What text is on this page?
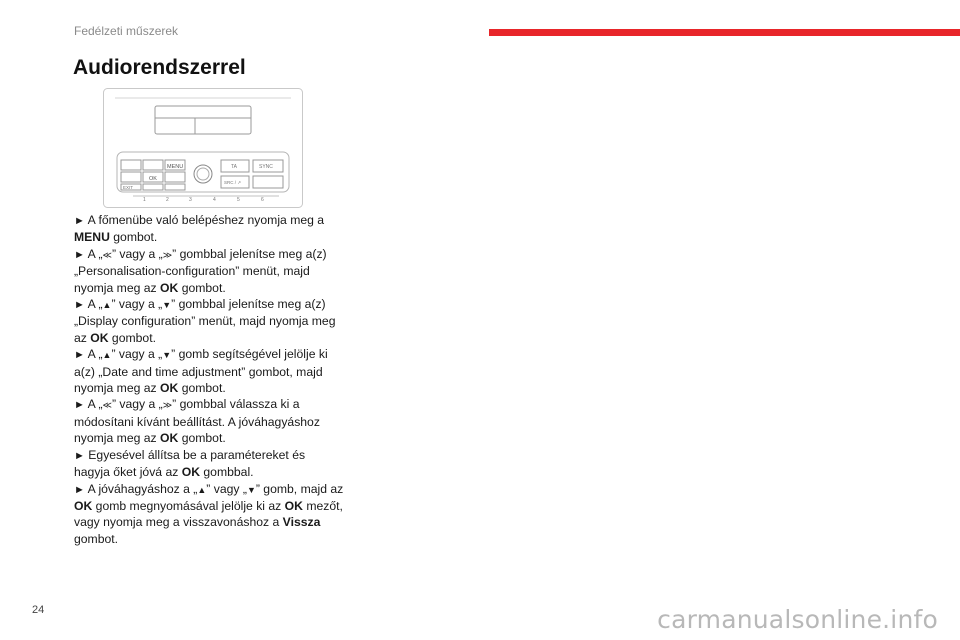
Fedélzeti műszerek
Audiorendszerrel
MENU
OK
EXIT
TA	SYNC
SRC / ↗
1	2	3	4	5	6

► A főmenübe való belépéshez nyomja meg a MENU gombot.

► A „≪” vagy a „≫” gombbal jelenítse meg a(z) „Personalisation-configuration” menüt, majd nyomja meg az OK gombot.

► A „▲” vagy a „▼” gombbal jelenítse meg a(z) „Display configuration” menüt, majd nyomja meg az OK gombot.

► A „▲” vagy a „▼” gomb segítségével jelölje ki a(z) „Date and time adjustment” gombot, majd nyomja meg az OK gombot.

► A „≪” vagy a „≫” gombbal válassza ki a módosítani kívánt beállítást. A jóváhagyáshoz nyomja meg az OK gombot.

► Egyesével állítsa be a paramétereket és hagyja őket jóvá az OK gombbal.

► A jóváhagyáshoz a „▲” vagy „▼” gomb, majd az OK gomb megnyomásával jelölje ki az OK mezőt, vagy nyomja meg a visszavonáshoz a Vissza gombot.

24	carmanualsonline.info
